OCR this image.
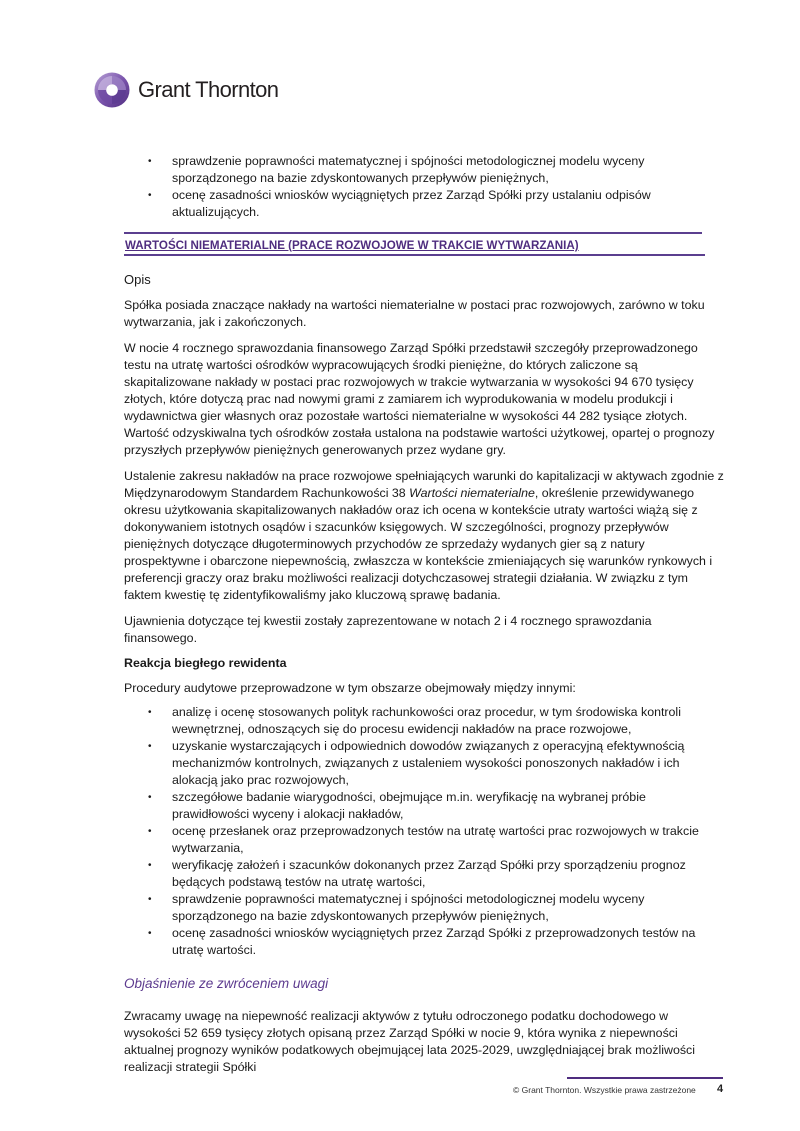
Grant Thornton
• sprawdzenie poprawności matematycznej i spójności metodologicznej modelu wyceny sporządzonego na bazie zdyskontowanych przepływów pieniężnych,
• ocenę zasadności wniosków wyciągniętych przez Zarząd Spółki przy ustalaniu odpisów aktualizujących.
WARTOŚCI NIEMATERIALNE (PRACE ROZWOJOWE W TRAKCIE WYTWARZANIA)
Opis

Spółka posiada znaczące nakłady na wartości niematerialne w postaci prac rozwojowych, zarówno w toku wytwarzania, jak i zakończonych.

W nocie 4 rocznego sprawozdania finansowego Zarząd Spółki przedstawił szczegóły przeprowadzonego testu na utratę wartości ośrodków wypracowujących środki pieniężne, do których zaliczone są skapitalizowane nakłady w postaci prac rozwojowych w trakcie wytwarzania w wysokości 94 670 tysięcy złotych, które dotyczą prac nad nowymi grami z zamiarem ich wyprodukowania w modelu produkcji i wydawnictwa gier własnych oraz pozostałe wartości niematerialne w wysokości 44 282 tysiące złotych. Wartość odzyskiwalna tych ośrodków została ustalona na podstawie wartości użytkowej, opartej o prognozy przyszłych przepływów pieniężnych generowanych przez wydane gry.

Ustalenie zakresu nakładów na prace rozwojowe spełniających warunki do kapitalizacji w aktywach zgodnie z Międzynarodowym Standardem Rachunkowości 38 Wartości niematerialne, określenie przewidywanego okresu użytkowania skapitalizowanych nakładów oraz ich ocena w kontekście utraty wartości wiążą się z dokonywaniem istotnych osądów i szacunków księgowych. W szczególności, prognozy przepływów pieniężnych dotyczące długoterminowych przychodów ze sprzedaży wydanych gier są z natury prospektywne i obarczone niepewnością, zwłaszcza w kontekście zmieniających się warunków rynkowych i preferencji graczy oraz braku możliwości realizacji dotychczasowej strategii działania. W związku z tym faktem kwestię tę zidentyfikowaliśmy jako kluczową sprawę badania.

Ujawnienia dotyczące tej kwestii zostały zaprezentowane w notach 2 i 4 rocznego sprawozdania finansowego.

Reakcja biegłego rewidenta

Procedury audytowe przeprowadzone w tym obszarze obejmowały między innymi:

• analizę i ocenę stosowanych polityk rachunkowości oraz procedur, w tym środowiska kontroli wewnętrznej, odnoszących się do procesu ewidencji nakładów na prace rozwojowe,
• uzyskanie wystarczających i odpowiednich dowodów związanych z operacyjną efektywnością mechanizmów kontrolnych, związanych z ustaleniem wysokości ponoszonych nakładów i ich alokacją jako prac rozwojowych,
• szczegółowe badanie wiarygodności, obejmujące m.in. weryfikację na wybranej próbie prawidłowości wyceny i alokacji nakładów,
• ocenę przesłanek oraz przeprowadzonych testów na utratę wartości prac rozwojowych w trakcie wytwarzania,
• weryfikację założeń i szacunków dokonanych przez Zarząd Spółki przy sporządzeniu prognoz będących podstawą testów na utratę wartości,
• sprawdzenie poprawności matematycznej i spójności metodologicznej modelu wyceny sporządzonego na bazie zdyskontowanych przepływów pieniężnych,
• ocenę zasadności wniosków wyciągniętych przez Zarząd Spółki z przeprowadzonych testów na utratę wartości.
Objaśnienie ze zwróceniem uwagi

Zwracamy uwagę na niepewność realizacji aktywów z tytułu odroczonego podatku dochodowego w wysokości 52 659 tysięcy złotych opisaną przez Zarząd Spółki w nocie 9, która wynika z niepewności aktualnej prognozy wyników podatkowych obejmującej lata 2025-2029, uwzględniającej brak możliwości realizacji strategii Spółki

© Grant Thornton. Wszystkie prawa zastrzeżone 4
